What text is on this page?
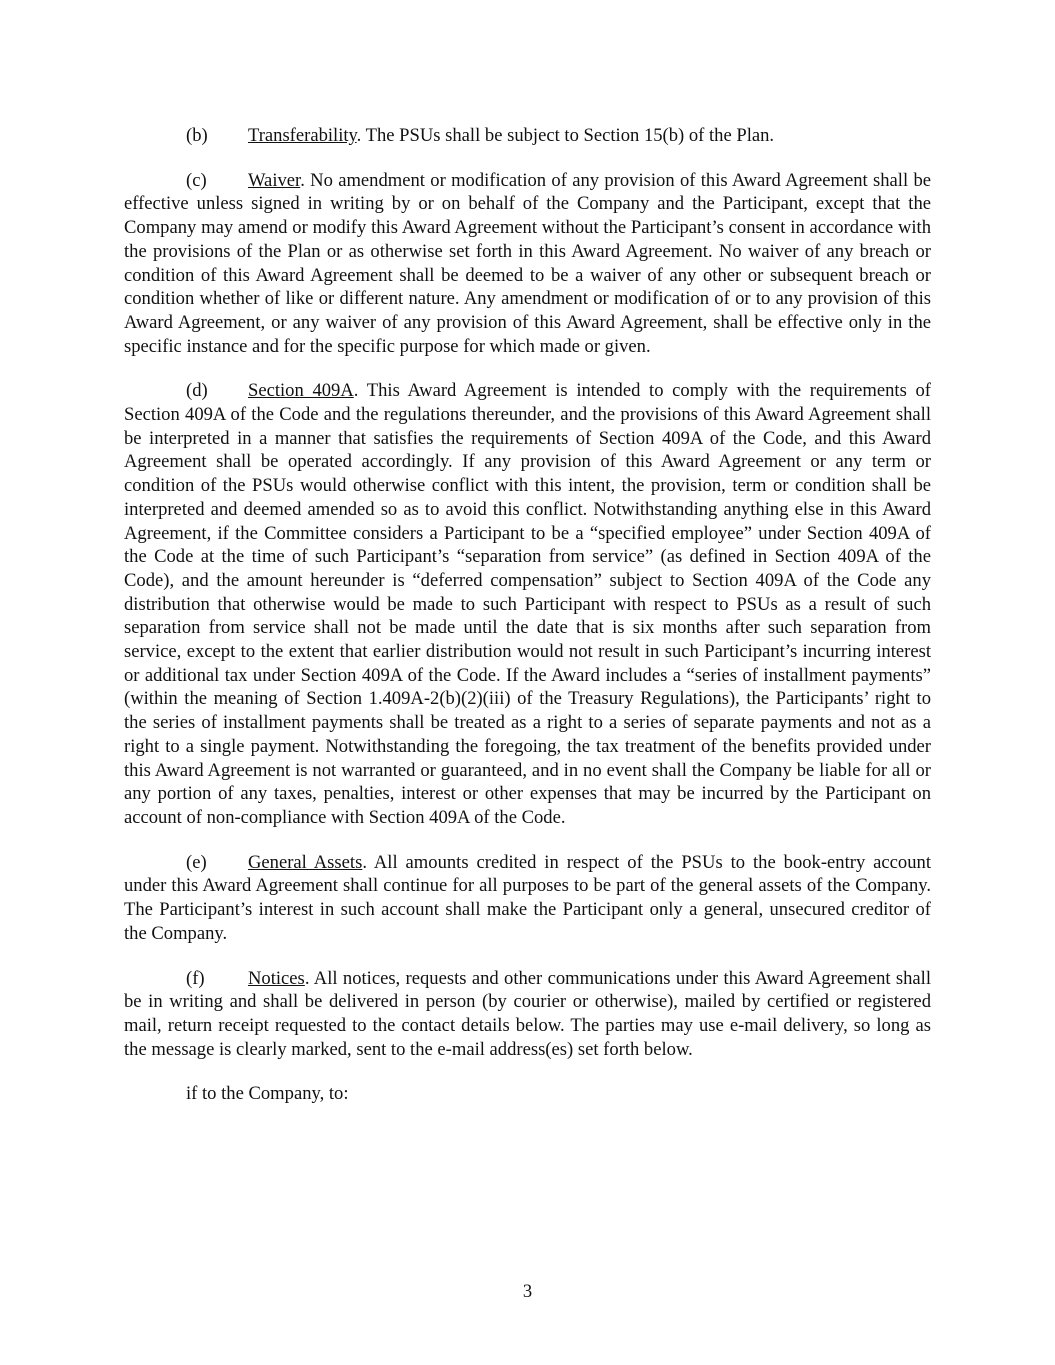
(b) Transferability. The PSUs shall be subject to Section 15(b) of the Plan.

(c) Waiver. No amendment or modification of any provision of this Award Agreement shall be effective unless signed in writing by or on behalf of the Company and the Participant, except that the Company may amend or modify this Award Agreement without the Participant’s consent in accordance with the provisions of the Plan or as otherwise set forth in this Award Agreement. No waiver of any breach or condition of this Award Agreement shall be deemed to be a waiver of any other or subsequent breach or condition whether of like or different nature. Any amendment or modification of or to any provision of this Award Agreement, or any waiver of any provision of this Award Agreement, shall be effective only in the specific instance and for the specific purpose for which made or given.

(d) Section 409A. This Award Agreement is intended to comply with the requirements of Section 409A of the Code and the regulations thereunder, and the provisions of this Award Agreement shall be interpreted in a manner that satisfies the requirements of Section 409A of the Code, and this Award Agreement shall be operated accordingly. If any provision of this Award Agreement or any term or condition of the PSUs would otherwise conflict with this intent, the provision, term or condition shall be interpreted and deemed amended so as to avoid this conflict. Notwithstanding anything else in this Award Agreement, if the Committee considers a Participant to be a “specified employee” under Section 409A of the Code at the time of such Participant’s “separation from service” (as defined in Section 409A of the Code), and the amount hereunder is “deferred compensation” subject to Section 409A of the Code any distribution that otherwise would be made to such Participant with respect to PSUs as a result of such separation from service shall not be made until the date that is six months after such separation from service, except to the extent that earlier distribution would not result in such Participant’s incurring interest or additional tax under Section 409A of the Code. If the Award includes a “series of installment payments” (within the meaning of Section 1.409A-2(b)(2)(iii) of the Treasury Regulations), the Participants’ right to the series of installment payments shall be treated as a right to a series of separate payments and not as a right to a single payment. Notwithstanding the foregoing, the tax treatment of the benefits provided under this Award Agreement is not warranted or guaranteed, and in no event shall the Company be liable for all or any portion of any taxes, penalties, interest or other expenses that may be incurred by the Participant on account of non-compliance with Section 409A of the Code.

(e) General Assets. All amounts credited in respect of the PSUs to the book-entry account under this Award Agreement shall continue for all purposes to be part of the general assets of the Company. The Participant’s interest in such account shall make the Participant only a general, unsecured creditor of the Company.

(f) Notices. All notices, requests and other communications under this Award Agreement shall be in writing and shall be delivered in person (by courier or otherwise), mailed by certified or registered mail, return receipt requested to the contact details below. The parties may use e-mail delivery, so long as the message is clearly marked, sent to the e-mail address(es) set forth below.

if to the Company, to:

3
